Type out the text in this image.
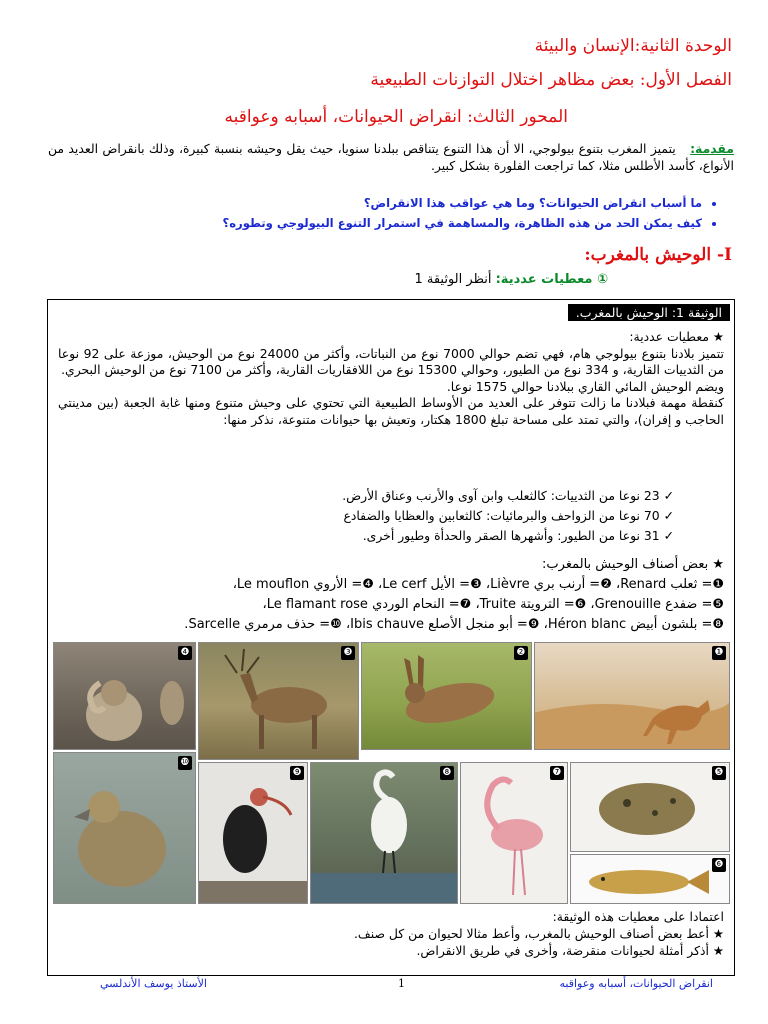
الوحدة الثانية:الإنسان والبيئة
الفصل الأول: بعض مظاهر اختلال التوازنات الطبيعية
المحور الثالث: انقراض الحيوانات، أسبابه وعواقبه
مقدمة: يتميز المغرب بتنوع بيولوجي، الا أن هذا التنوع يتناقص ببلدنا سنويا، حيث يقل وحيشه بنسبة كبيرة، وذلك بانقراض العديد من الأنواع، كأسد الأطلس مثلا، كما تراجعت الفلورة بشكل كبير.
• ما أسباب انقراض الحيوانات؟ وما هي عواقب هذا الانقراض؟
• كيف يمكن الحد من هذه الظاهرة، والمساهمة في استمرار التنوع البيولوجي وتطوره؟
I- الوحيش بالمغرب:
① معطيات عددية: أنظر الوثيقة 1
الوثيقة 1: الوحيش بالمغرب.
★ معطيات عددية:
تتميز بلادنا بتنوع بيولوجي هام، فهي تضم حوالي 7000 نوع من النباتات، وأكثر من 24000 نوع من الوحيش، موزعة على 92 نوعا من الثدييات القارية، و 334 نوع من الطيور، وحوالي 15300 نوع من اللافقاريات القارية، وأكثر من 7100 نوع من الوحيش البحري.
ويضم الوحيش المائي القاري ببلادنا حوالي 1575 نوعا.
كنقطة مهمة فبلادنا ما زالت تتوفر على العديد من الأوساط الطبيعية التي تحتوي على وحيش متنوع ومنها غابة الجعبة (بين مدينتي الحاجب و إفران)، والتي تمتد على مساحة تبلغ 1800 هكتار، وتعيش بها حيوانات متنوعة، نذكر منها:
✓ 23 نوعا من الثدييات: كالثعلب وابن آوى والأرنب وعناق الأرض.
✓ 70 نوعا من الزواحف والبرمائيات: كالثعابين والعظايا والضفادع
✓ 31 نوعا من الطيور: وأشهرها الصقر والحدأة وطيور أخرى.
★ بعض أصناف الوحيش بالمغرب:
❶= ثعلب Renard، ❷= أرنب بري Lièvre، ❸= الأيل Le cerf، ❹= الأروي Le mouflon،
❺= ضفدع Grenouille، ❻= الترويتة Truite، ❼= النحام الوردي Le flamant rose،
❽= بلشون أبيض Héron blanc، ❾= أبو منجل الأصلع Ibis chauve، ❿= حذف مرمري Sarcelle.
❶
❷
❸
❹
❺
❻
❼
❽
❾
❿
اعتمادا على معطيات هذه الوثيقة:
★ أعط بعض أصناف الوحيش بالمغرب، وأعط مثالا لحيوان من كل صنف.
★ أذكر أمثلة لحيوانات منقرضة، وأخرى في طريق الانقراض.
الأستاذ يوسف الأندلسي	1	انقراض الحيوانات، أسبابه وعواقبه
